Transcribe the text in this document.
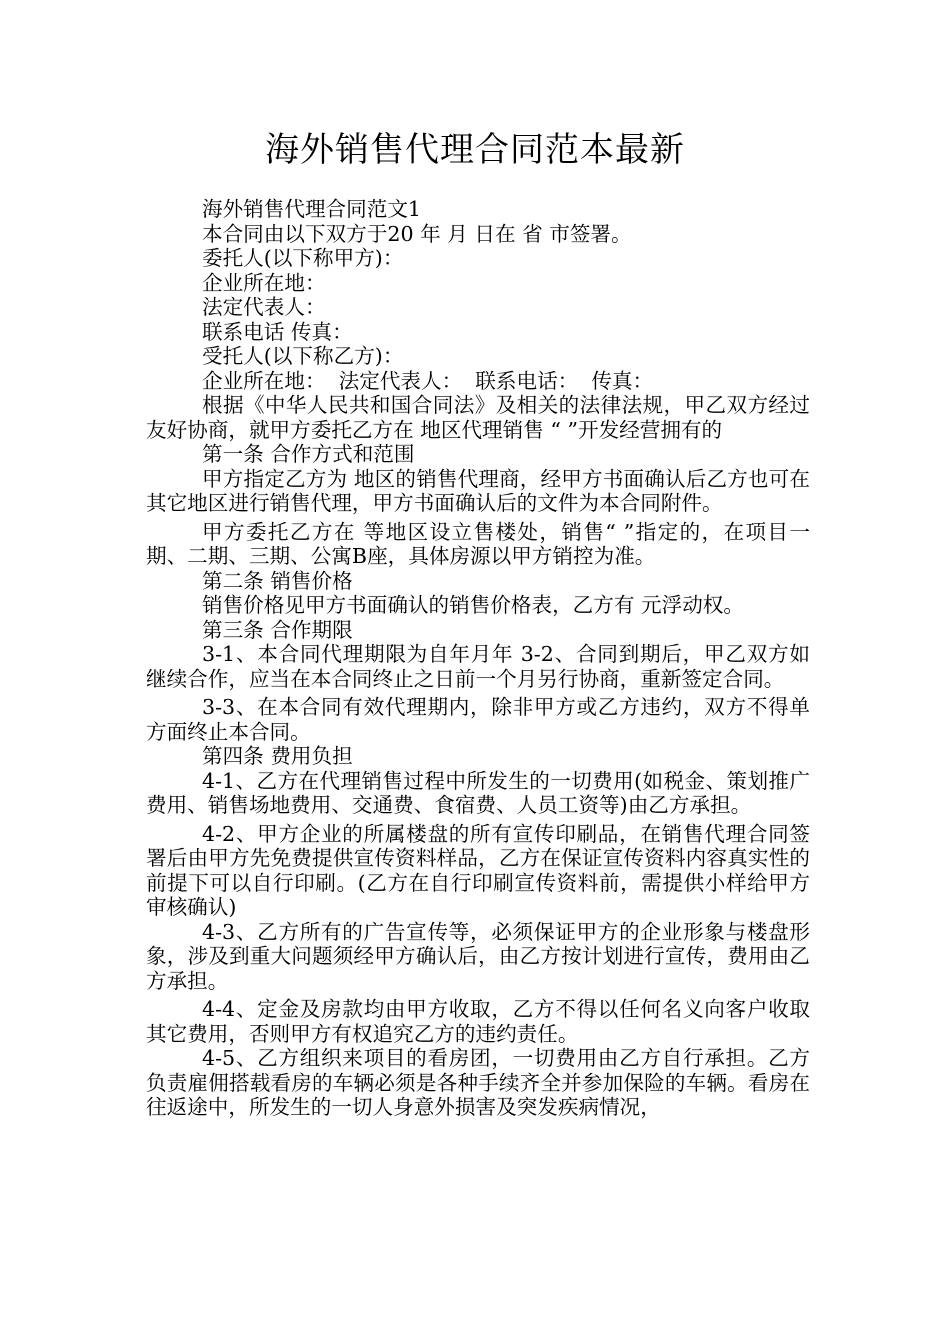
海外销售代理合同范本最新

海外销售代理合同范文1

本合同由以下双方于20 年 月 日在 省 市签署。

委托人(以下称甲方)：

企业所在地：

法定代表人：

联系电话 传真：

受托人(以下称乙方)：

企业所在地：  法定代表人：  联系电话：  传真：

根据《中华人民共和国合同法》及相关的法律法规，甲乙双方经过友好协商，就甲方委托乙方在 地区代理销售 “ ”开发经营拥有的

第一条 合作方式和范围

甲方指定乙方为 地区的销售代理商，经甲方书面确认后乙方也可在其它地区进行销售代理，甲方书面确认后的文件为本合同附件。

甲方委托乙方在 等地区设立售楼处，销售“ ”指定的，在项目一期、二期、三期、公寓B座，具体房源以甲方销控为准。

第二条 销售价格

销售价格见甲方书面确认的销售价格表，乙方有 元浮动权。

第三条 合作期限

3-1、本合同代理期限为自年月年 3-2、合同到期后，甲乙双方如继续合作，应当在本合同终止之日前一个月另行协商，重新签定合同。

3-3、在本合同有效代理期内，除非甲方或乙方违约，双方不得单方面终止本合同。

第四条 费用负担

4-1、乙方在代理销售过程中所发生的一切费用(如税金、策划推广费用、销售场地费用、交通费、食宿费、人员工资等)由乙方承担。

4-2、甲方企业的所属楼盘的所有宣传印刷品，在销售代理合同签署后由甲方先免费提供宣传资料样品，乙方在保证宣传资料内容真实性的前提下可以自行印刷。(乙方在自行印刷宣传资料前，需提供小样给甲方审核确认)

4-3、乙方所有的广告宣传等，必须保证甲方的企业形象与楼盘形象，涉及到重大问题须经甲方确认后，由乙方按计划进行宣传，费用由乙方承担。

4-4、定金及房款均由甲方收取，乙方不得以任何名义向客户收取其它费用，否则甲方有权追究乙方的违约责任。

4-5、乙方组织来项目的看房团，一切费用由乙方自行承担。乙方负责雇佣搭载看房的车辆必须是各种手续齐全并参加保险的车辆。看房在往返途中，所发生的一切人身意外损害及突发疾病情况，
